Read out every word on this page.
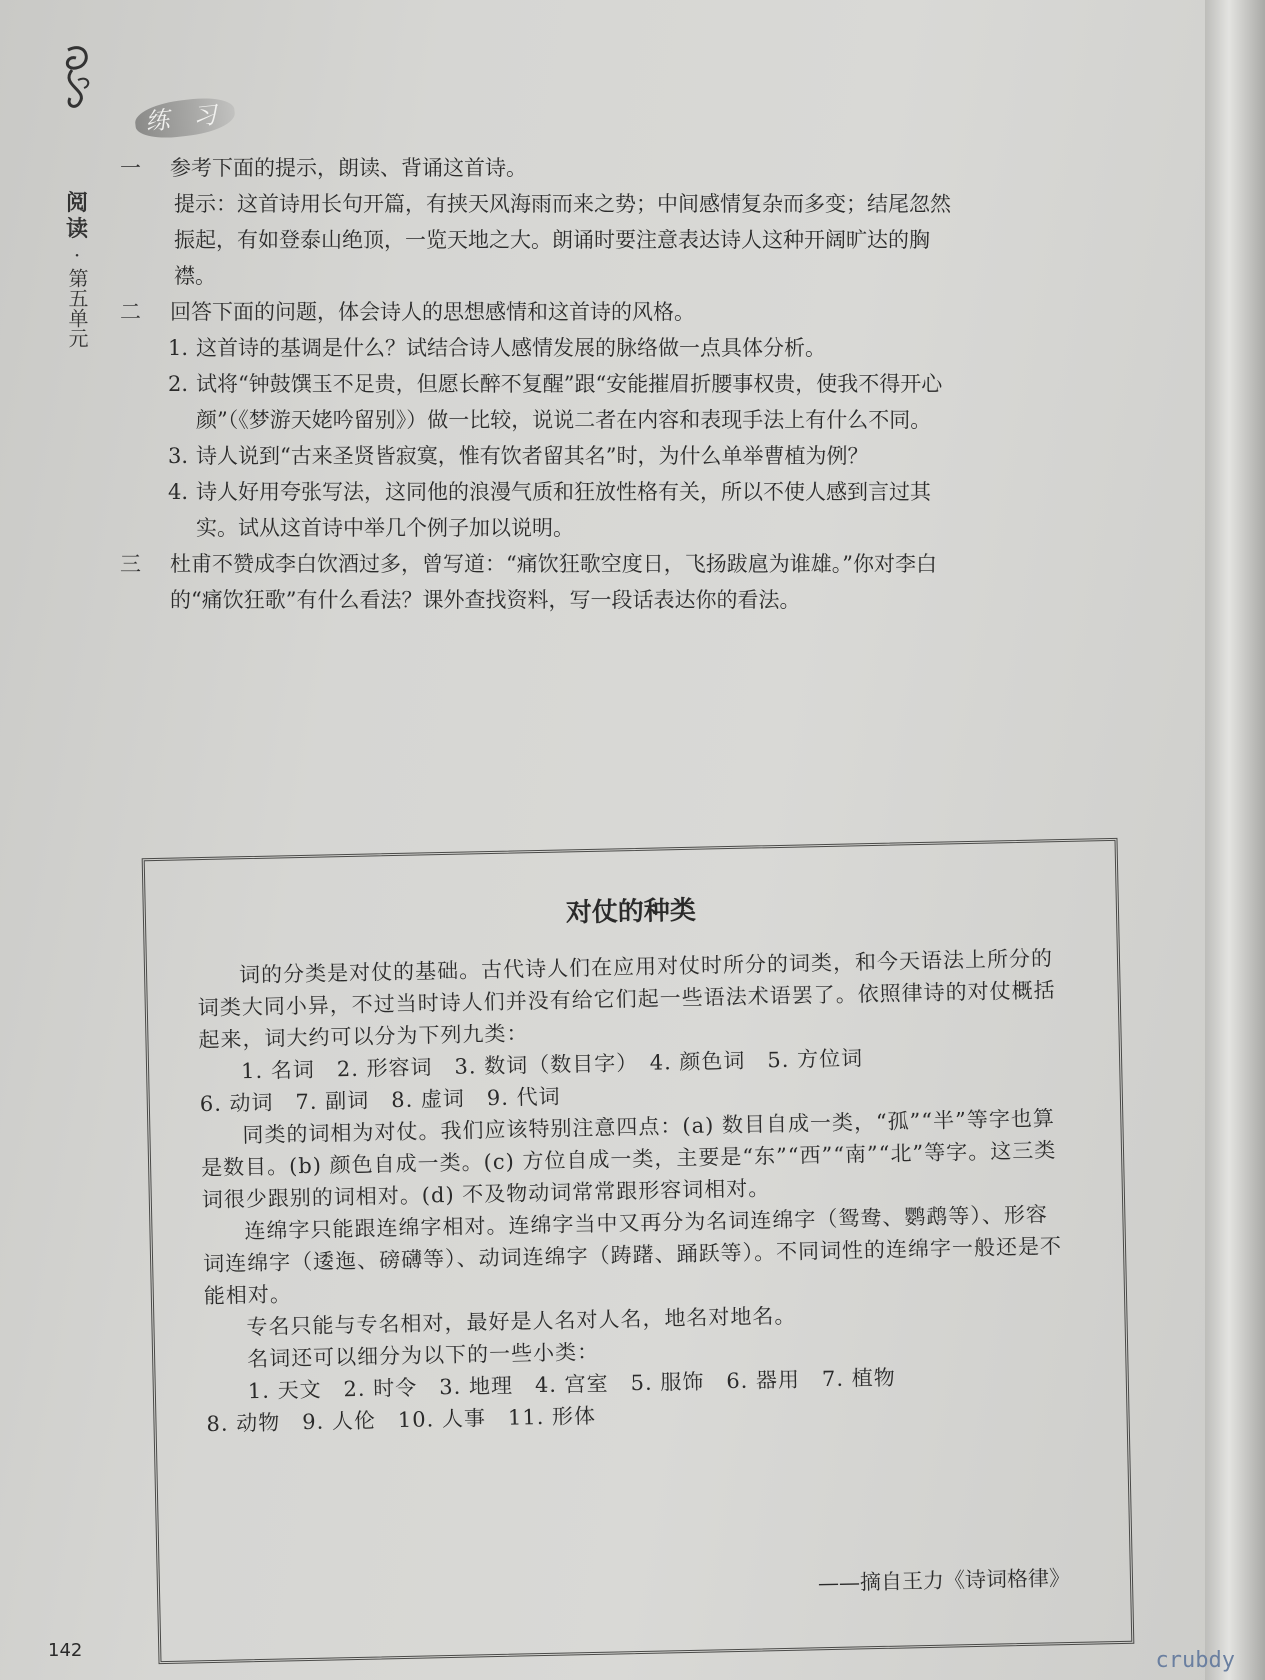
练 习
阅读
·
第五单元
一	参考下面的提示，朗读、背诵这首诗。
提示：这首诗用长句开篇，有挟天风海雨而来之势；中间感情复杂而多变；结尾忽然振起，有如登泰山绝顶，一览天地之大。朗诵时要注意表达诗人这种开阔旷达的胸襟。
二	回答下面的问题，体会诗人的思想感情和这首诗的风格。
1. 这首诗的基调是什么？试结合诗人感情发展的脉络做一点具体分析。
2. 试将“钟鼓馔玉不足贵，但愿长醉不复醒”跟“安能摧眉折腰事权贵，使我不得开心颜”（《梦游天姥吟留别》）做一比较，说说二者在内容和表现手法上有什么不同。
3. 诗人说到“古来圣贤皆寂寞，惟有饮者留其名”时，为什么单举曹植为例？
4. 诗人好用夸张写法，这同他的浪漫气质和狂放性格有关，所以不使人感到言过其实。试从这首诗中举几个例子加以说明。
三	杜甫不赞成李白饮酒过多，曾写道：“痛饮狂歌空度日，飞扬跋扈为谁雄。”你对李白的“痛饮狂歌”有什么看法？课外查找资料，写一段话表达你的看法。
对仗的种类

词的分类是对仗的基础。古代诗人们在应用对仗时所分的词类，和今天语法上所分的词类大同小异，不过当时诗人们并没有给它们起一些语法术语罢了。依照律诗的对仗概括起来，词大约可以分为下列九类：

1. 名词　2. 形容词　3. 数词（数目字）　4. 颜色词　5. 方位词

6. 动词　7. 副词　8. 虚词　9. 代词

同类的词相为对仗。我们应该特别注意四点：(a) 数目自成一类，“孤”“半”等字也算是数目。(b) 颜色自成一类。(c) 方位自成一类，主要是“东”“西”“南”“北”等字。这三类词很少跟别的词相对。(d) 不及物动词常常跟形容词相对。

连绵字只能跟连绵字相对。连绵字当中又再分为名词连绵字（鸳鸯、鹦鹉等）、形容词连绵字（逶迤、磅礴等）、动词连绵字（踌躇、踊跃等）。不同词性的连绵字一般还是不能相对。

专名只能与专名相对，最好是人名对人名，地名对地名。

名词还可以细分为以下的一些小类：

1. 天文　2. 时令　3. 地理　4. 宫室　5. 服饰　6. 器用　7. 植物

8. 动物　9. 人伦　10. 人事　11. 形体

——摘自王力《诗词格律》
142	crubdy
